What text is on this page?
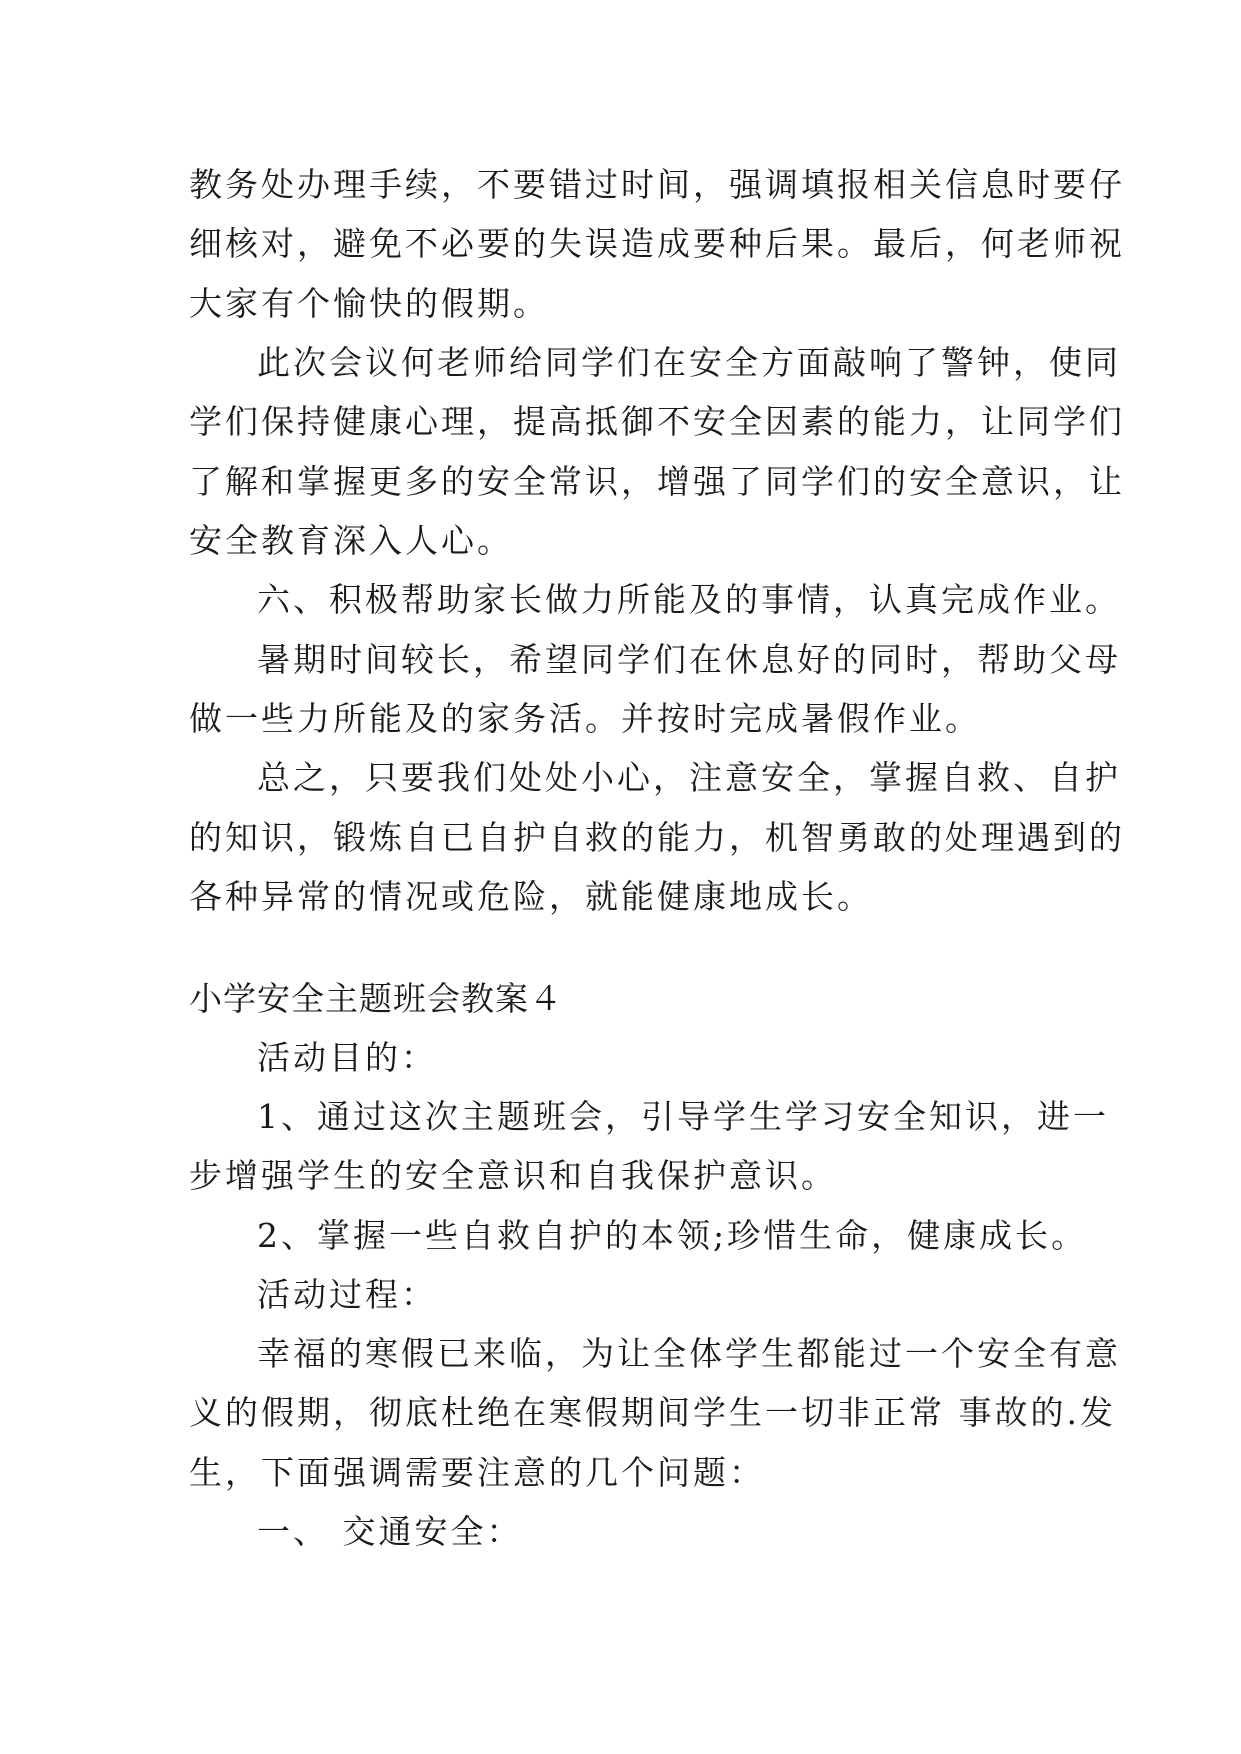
教务处办理手续，不要错过时间，强调填报相关信息时要仔
细核对，避免不必要的失误造成要种后果。最后，何老师祝
大家有个愉快的假期。
此次会议何老师给同学们在安全方面敲响了警钟，使同
学们保持健康心理，提高抵御不安全因素的能力，让同学们
了解和掌握更多的安全常识，增强了同学们的安全意识，让
安全教育深入人心。
六、积极帮助家长做力所能及的事情，认真完成作业。
暑期时间较长，希望同学们在休息好的同时，帮助父母
做一些力所能及的家务活。并按时完成暑假作业。
总之，只要我们处处小心，注意安全，掌握自救、自护
的知识，锻炼自已自护自救的能力，机智勇敢的处理遇到的
各种异常的情况或危险，就能健康地成长。
小学安全主题班会教案４
活动目的：
1、通过这次主题班会，引导学生学习安全知识，进一
步增强学生的安全意识和自我保护意识。
2、掌握一些自救自护的本领;珍惜生命，健康成长。
活动过程：
幸福的寒假已来临，为让全体学生都能过一个安全有意
义的假期，彻底杜绝在寒假期间学生一切非正常 事故的.发
生，下面强调需要注意的几个问题：
一、 交通安全：
